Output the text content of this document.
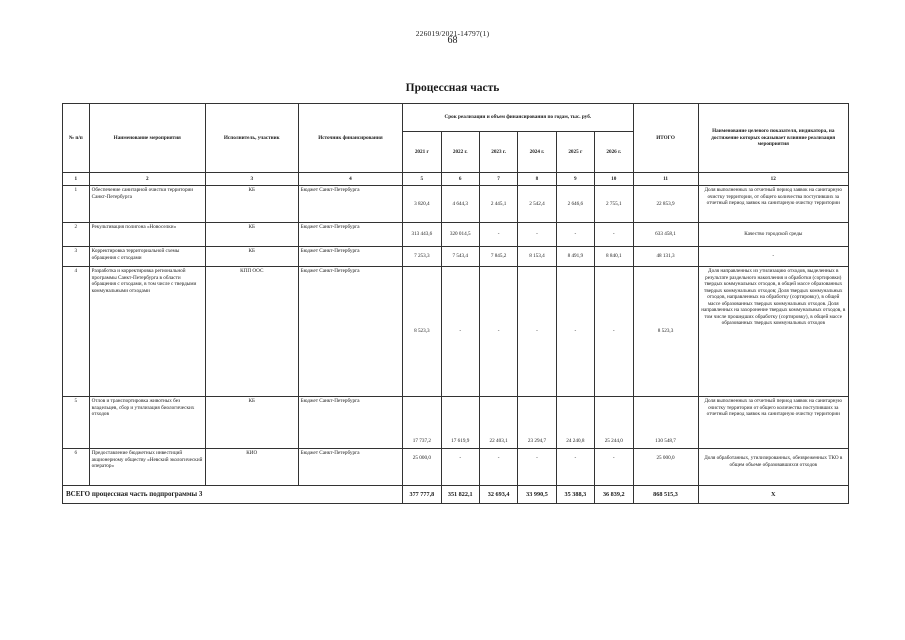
226019/2021-14797(1)
68
Процессная часть
№ п/п	Наименование мероприятия	Исполнитель, участник	Источник финансирования	Срок реализации и объем финансирования по годам, тыс. руб.						ИТОГО	Наименование целевого показателя, индикатора, на достижение которых оказывает влияние реализация мероприятия
				2021 г	2022 г.	2023 г.	2024 г.	2025 г	2026 г.		
1	2	3	4	5	6	7	8	9	10	11	12
1	Обеспечение санитарной очистки территории Санкт-Петербурга	КБ	Бюджет Санкт-Петербурга	3 820,4	4 644,3	2 445,1	2 542,4	2 646,6	2 755,1	22 853,9	Доля выполненных за отчетный период заявок на санитарную очистку территории, от общего количества поступивших за отчетный период заявок на санитарную очистку территории
2	Рекультивация полигона «Новоселки»	КБ	Бюджет Санкт-Петербурга	313 443,6	320 014,5	-	-	-	-	633 458,1	Качество городской среды
3	Корректировка территориальной схемы обращения с отходами	КБ	Бюджет Санкт-Петербурга	7 253,3	7 543,4	7 845,2	8 153,4	8 491,9	8 840,1	48 131,3	-
4	Разработка и корректировка региональной программы Санкт-Петербурга в области обращения с отходами, в том числе с твердыми коммунальными отходами	КПП ООС	Бюджет Санкт-Петербурга	8 523,3	-	-	-	-	-	8 523,3	Доля направленных из утилизацию отходов, выделенных в результате раздельного накопления и обработки (сортировки) твердых коммунальных отходов, в общей массе образованных твердых коммунальных отходов; Доля твердых коммунальных отходов, направленных на обработку (сортировку), в общей массе образованных твердых коммунальных отходов. Доля направленных на захоронение твердых коммунальных отходов, в том числе прошедших обработку (сортировку), в общей массе образованных твердых коммунальных отходов
5	Отлов и транспортировка животных без владельцев, сбор и утилизация биологических отходов	КБ	Бюджет Санкт-Петербурга	17 737,2	17 619,9	22 403,1	23 294,7	24 240,8	25 244,0	130 548,7	Доля выполненных за отчетный период заявок на санитарную очистку территории от общего количества поступивших за отчетный период заявок на санитарную очистку территории
6	Предоставление бюджетных инвестиций акционерному обществу «Невский экологический оператор»	КИО	Бюджет Санкт-Петербурга	25 000,0	-	-	-	-	-	25 000,0	Доля обработанных, утилизированных, обезвреженных ТКО в общем объеме образовавшихся отходов
ВСЕГО процессная часть подпрограммы 3				377 777,8	351 822,1	32 693,4	33 990,5	35 388,3	36 839,2	868 515,3	Х
